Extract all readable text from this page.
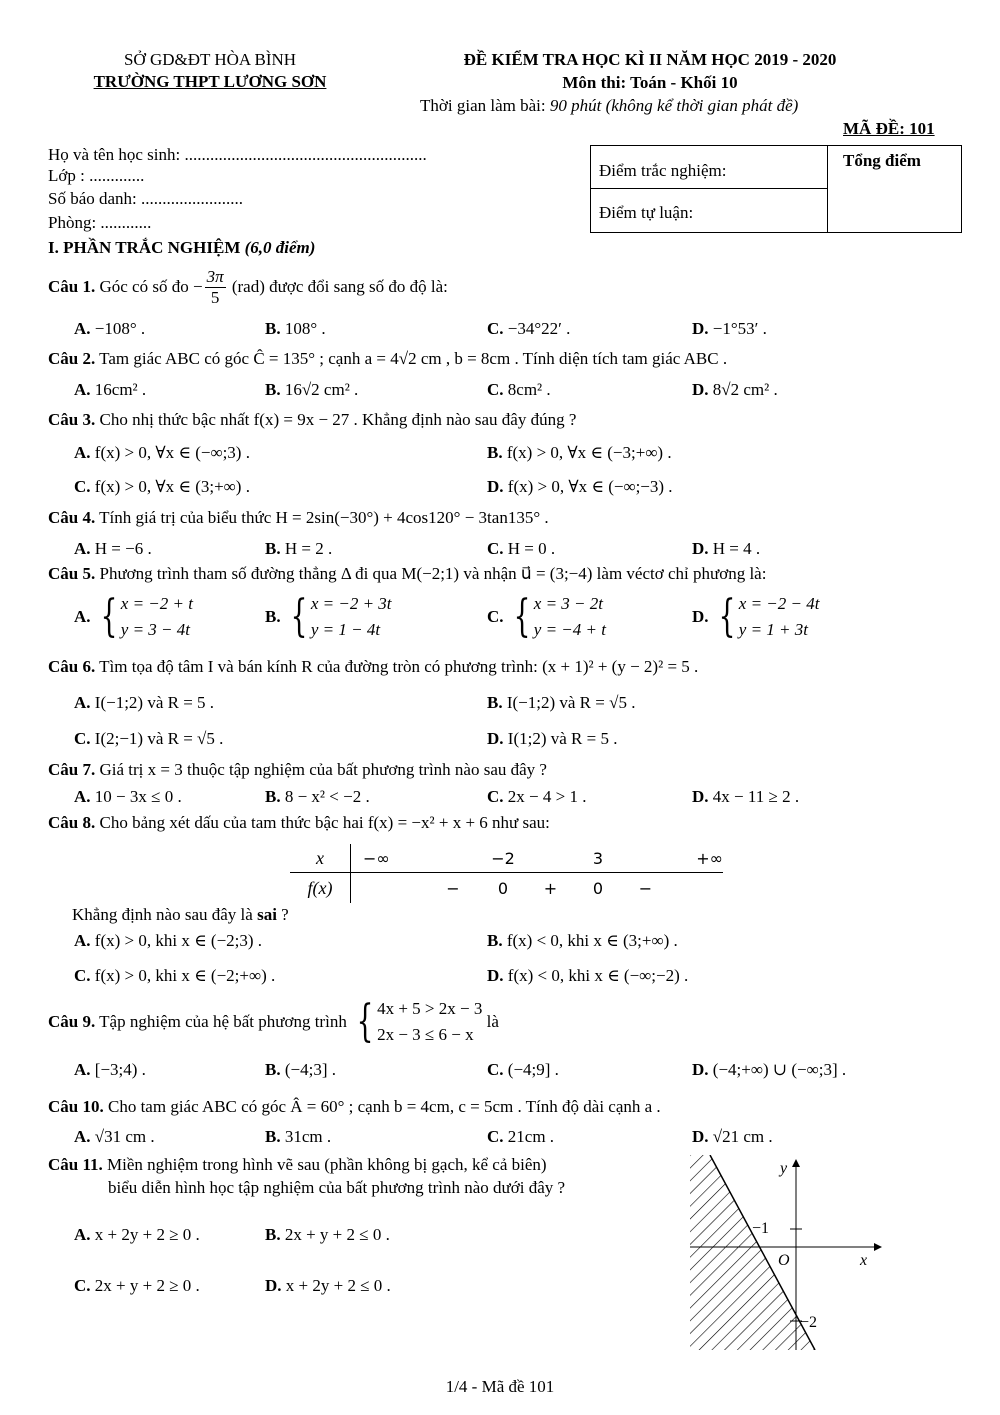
SỞ GD&ĐT HÒA BÌNH
TRƯỜNG THPT LƯƠNG SƠN
ĐỀ KIỂM TRA HỌC KÌ II NĂM HỌC 2019 - 2020
Môn thi: Toán - Khối 10
Thời gian làm bài: 90 phút (không kể thời gian phát đề)
MÃ ĐỀ: 101
Họ và tên học sinh: .........................................................
Lớp : .............
Số báo danh: ........................
Phòng: ............
Điểm trắc nghiệm:
Điểm tự luận:
Tổng điểm
I. PHẦN TRẮC NGHIỆM (6,0 điểm)
Câu 1. Góc có số đo − $\frac{3\pi}{5} (rad)$ được đổi sang số đo độ là:
A. −108° .	B. 108° .	C. −34°22′ .	D. −1°53′ .
Câu 2. Tam giác ABC có góc Ĉ = 135° ; cạnh a = 4√2 cm , b = 8cm . Tính diện tích tam giác ABC .
A. 16cm² .	B. 16√2 cm² .	C. 8cm² .	D. 8√2 cm² .
Câu 3. Cho nhị thức bậc nhất f(x) = 9x − 27 . Khẳng định nào sau đây đúng ?
A. f(x) > 0, ∀x ∈ (−∞;3) .	B. f(x) > 0, ∀x ∈ (−3;+∞) .
C. f(x) > 0, ∀x ∈ (3;+∞) .	D. f(x) > 0, ∀x ∈ (−∞;−3) .
Câu 4. Tính giá trị của biểu thức H = 2sin(−30°) + 4cos120° − 3tan135° .
A. H = −6 .	B. H = 2 .	C. H = 0 .	D. H = 4 .
Câu 5. Phương trình tham số đường thẳng Δ đi qua M(−2;1) và nhận u⃗ = (3;−4) làm véctơ chỉ phương là:
A.
{ x = −2 + t
y = 3 − 4t
B.
{ x = −2 + 3t
y = 1 − 4t
C.
{ x = 3 − 2t
y = −4 + t
D.
{ x = −2 − 4t
y = 1 + 3t
Câu 6. Tìm tọa độ tâm I và bán kính R của đường tròn có phương trình: (x + 1)² + (y − 2)² = 5 .
A. I(−1;2) và R = 5 .	B. I(−1;2) và R = √5 .
C. I(2;−1) và R = √5 .	D. I(1;2) và R = 5 .
Câu 7. Giá trị x = 3 thuộc tập nghiệm của bất phương trình nào sau đây ?
A. 10 − 3x ≤ 0 .	B. 8 − x² < −2 .	C. 2x − 4 > 1 .	D. 4x − 11 ≥ 2 .
Câu 8. Cho bảng xét dấu của tam thức bậc hai f(x) = −x² + x + 6 như sau:
x	−∞		−2		3		+∞
f(x)		−	0	+	0	−	
Khẳng định nào sau đây là sai ?
A. f(x) > 0, khi x ∈ (−2;3) .	B. f(x) < 0, khi x ∈ (3;+∞) .
C. f(x) > 0, khi x ∈ (−2;+∞) .	D. f(x) < 0, khi x ∈ (−∞;−2) .
Câu 9. Tập nghiệm của hệ bất phương trình { 4x + 5 > 2x − 3
2x − 3 ≤ 6 − x
là
A. [−3;4) .	B. (−4;3] .	C. (−4;9] .	D. (−4;+∞) ∪ (−∞;3] .
Câu 10. Cho tam giác ABC có góc Â = 60° ; cạnh b = 4cm, c = 5cm . Tính độ dài cạnh a .
A. √31 cm .	B. 31cm .	C. 21cm .	D. √21 cm .
Câu 11. Miền nghiệm trong hình vẽ sau (phần không bị gạch, kể cả biên)
biểu diễn hình học tập nghiệm của bất phương trình nào dưới đây ?
A. x + 2y + 2 ≥ 0 .	B. 2x + y + 2 ≤ 0 .
C. 2x + y + 2 ≥ 0 .	D. x + 2y + 2 ≤ 0 .
y
x
O
−1
−2
1/4 - Mã đề 101
